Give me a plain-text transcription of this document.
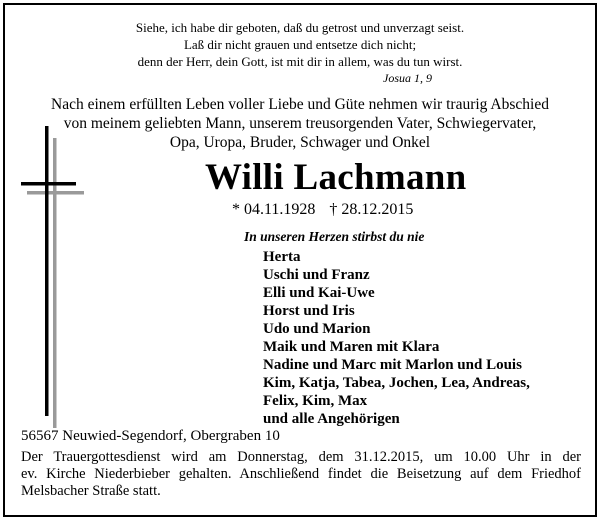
Siehe, ich habe dir geboten, daß du getrost und unverzagt seist.
Laß dir nicht grauen und entsetze dich nicht;
denn der Herr, dein Gott, ist mit dir in allem, was du tun wirst.
Josua 1, 9
Nach einem erfüllten Leben voller Liebe und Güte nehmen wir traurig Abschied
von meinem geliebten Mann, unserem treusorgenden Vater, Schwiegervater,
Opa, Uropa, Bruder, Schwager und Onkel
Willi Lachmann
* 04.11.1928 † 28.12.2015
In unseren Herzen stirbst du nie
Herta
Uschi und Franz
Elli und Kai-Uwe
Horst und Iris
Udo und Marion
Maik und Maren mit Klara
Nadine und Marc mit Marlon und Louis
Kim, Katja, Tabea, Jochen, Lea, Andreas,
Felix, Kim, Max
und alle Angehörigen
56567 Neuwied-Segendorf, Obergraben 10
Der Trauergottesdienst wird am Donnerstag, dem 31.12.2015, um 10.00 Uhr in der
ev. Kirche Niederbieber gehalten. Anschließend findet die Beisetzung auf dem Friedhof
Melsbacher Straße statt.
